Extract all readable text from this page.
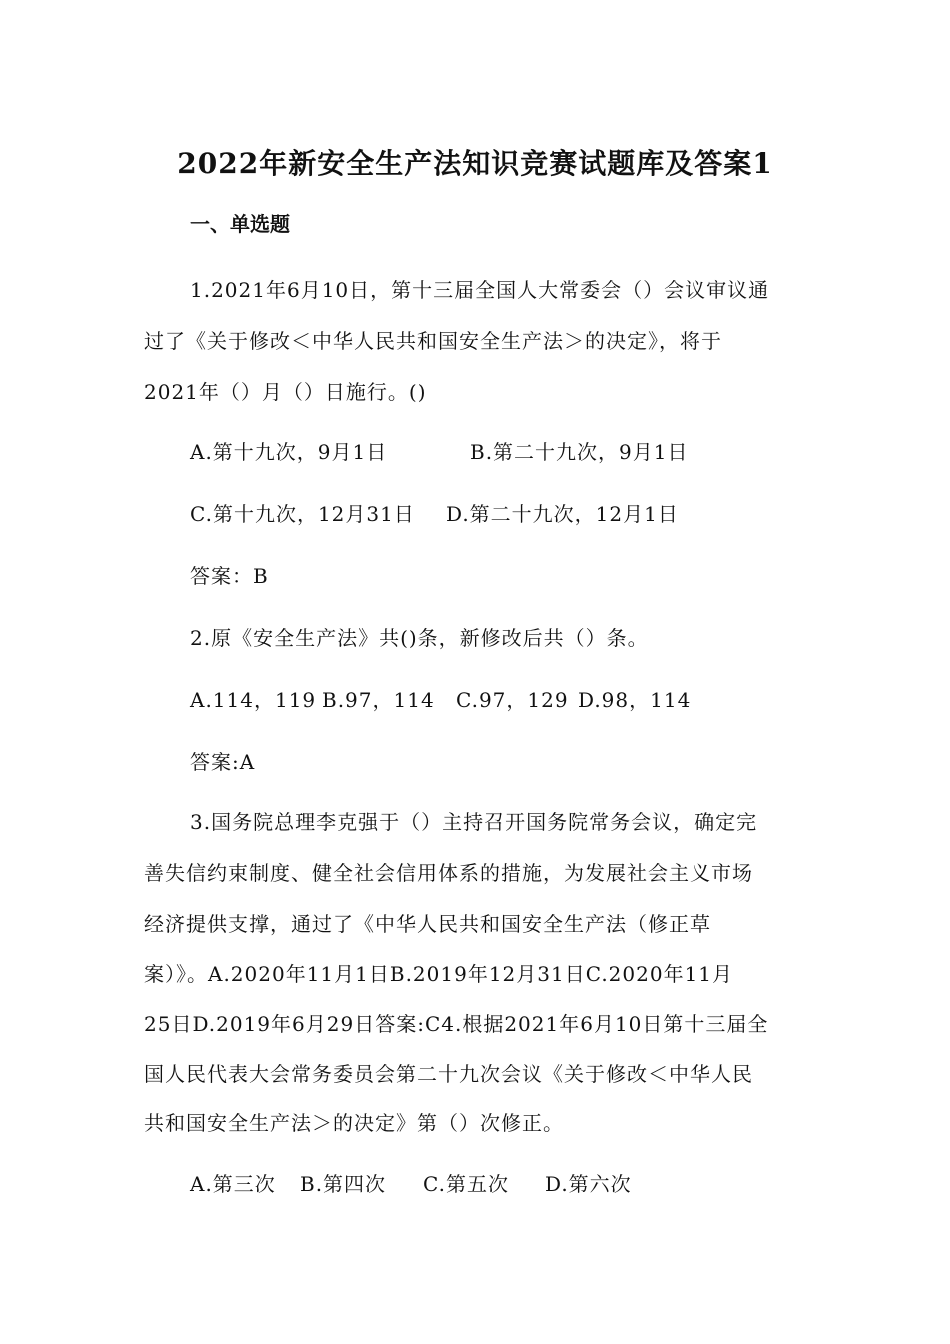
2022年新安全生产法知识竞赛试题库及答案1
一、单选题
1.2021年6月10日，第十三届全国人大常委会（）会议审议通
过了《关于修改＜中华人民共和国安全生产法＞的决定》，将于
2021年（）月（）日施行。()
A.第十九次，9月1日	B.第二十九次，9月1日
C.第十九次，12月31日 D.第二十九次，12月1日
答案：B
2.原《安全生产法》共()条，新修改后共（）条。
A.114，119 B.97，114 C.97，129 D.98，114
答案:A
3.国务院总理李克强于（）主持召开国务院常务会议，确定完
善失信约束制度、健全社会信用体系的措施，为发展社会主义市场
经济提供支撑，通过了《中华人民共和国安全生产法（修正草
案）》。A.2020年11月1日B.2019年12月31日C.2020年11月
25日D.2019年6月29日答案:C4.根据2021年6月10日第十三届全
国人民代表大会常务委员会第二十九次会议《关于修改＜中华人民
共和国安全生产法＞的决定》第（）次修正。
A.第三次 B.第四次 C.第五次 D.第六次
